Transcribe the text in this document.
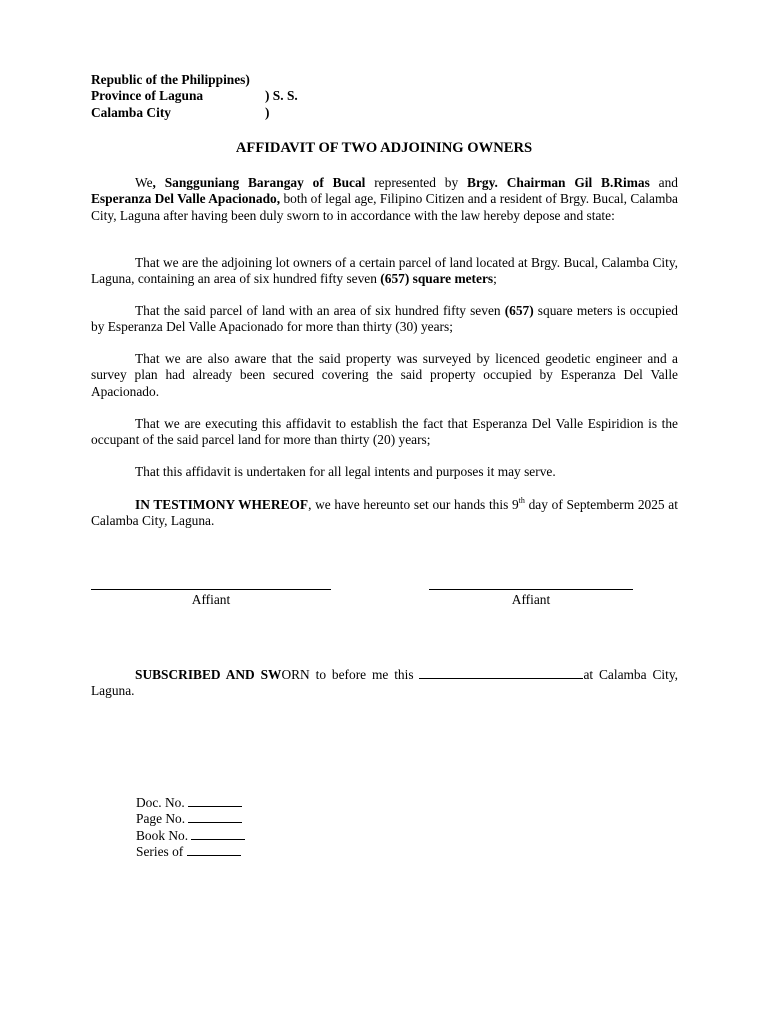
Republic of the Philippines)
Province of Laguna	) S. S.
Calamba City	)
AFFIDAVIT OF TWO ADJOINING OWNERS

We, Sangguniang Barangay of Bucal represented by Brgy. Chairman Gil B.Rimas and Esperanza Del Valle Apacionado, both of legal age, Filipino Citizen and a resident of Brgy. Bucal, Calamba City, Laguna after having been duly sworn to in accordance with the law hereby depose and state:

That we are the adjoining lot owners of a certain parcel of land located at Brgy. Bucal, Calamba City, Laguna, containing an area of six hundred fifty seven (657) square meters;

That the said parcel of land with an area of six hundred fifty seven (657) square meters is occupied by Esperanza Del Valle Apacionado for more than thirty (30) years;

That we are also aware that the said property was surveyed by licenced geodetic engineer and a survey plan had already been secured covering the said property occupied by Esperanza Del Valle Apacionado.

That we are executing this affidavit to establish the fact that Esperanza Del Valle Espiridion is the occupant of the said parcel land for more than thirty (20) years;

That this affidavit is undertaken for all legal intents and purposes it may serve.

IN TESTIMONY WHEREOF, we have hereunto set our hands this 9th day of Septemberm 2025 at Calamba City, Laguna.

Affiant	Affiant

SUBSCRIBED AND SWORN to before me this	at Calamba City, Laguna.

Doc. No.
Page No.
Book No.
Series of
